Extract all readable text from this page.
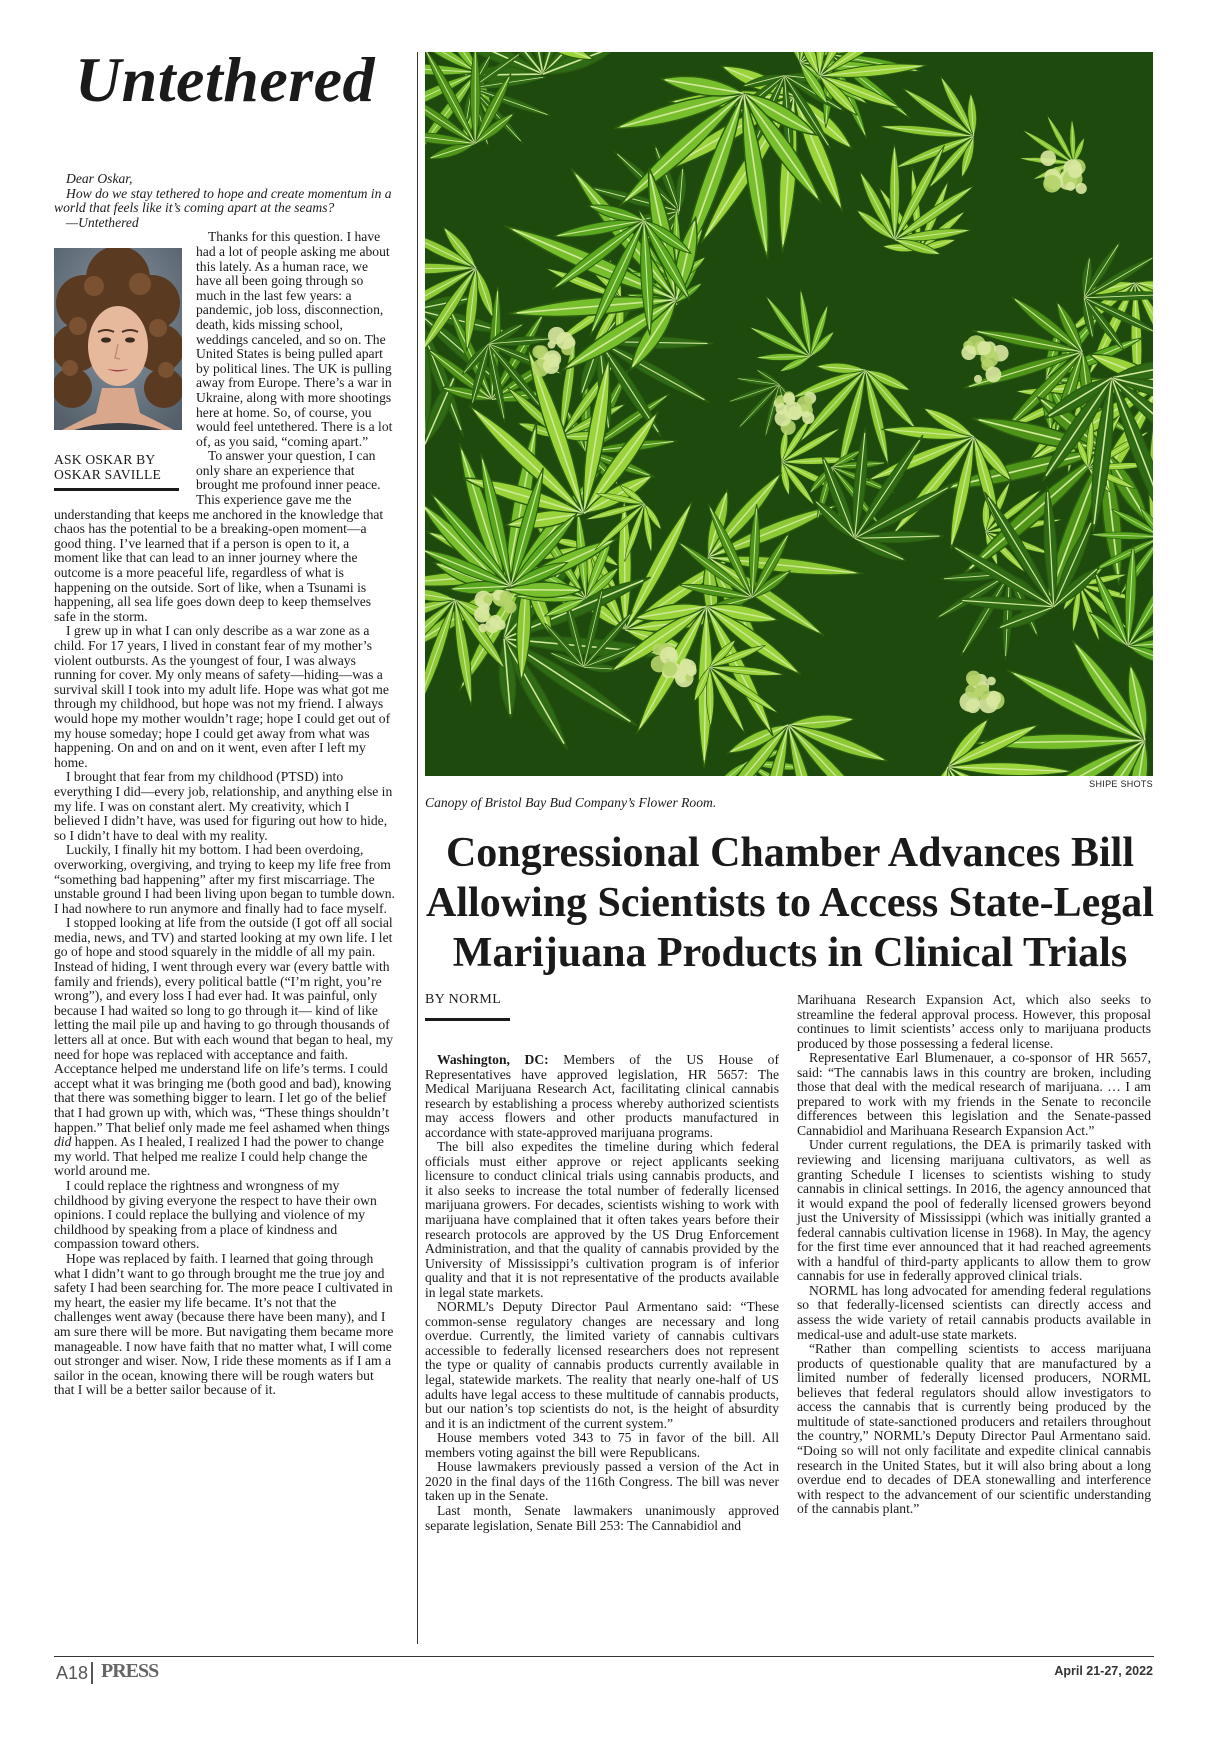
Untethered

Dear Oskar,

How do we stay tethered to hope and create momentum in a world that feels like it’s coming apart at the seams?

—Untethered

ASK OSKAR BY
OSKAR SAVILLE

Thanks for this question. I have had a lot of people asking me about this lately. As a human race, we have all been going through so much in the last few years: a pandemic, job loss, disconnection, death, kids missing school, weddings canceled, and so on. The United States is being pulled apart by political lines. The UK is pulling away from Europe. There’s a war in Ukraine, along with more shootings here at home. So, of course, you would feel untethered. There is a lot of, as you said, “coming apart.”

To answer your question, I can only share an experience that brought me profound inner peace. This experience gave me the understanding that keeps me anchored in the knowledge that chaos has the potential to be a breaking-open moment—a good thing. I’ve learned that if a person is open to it, a moment like that can lead to an inner journey where the outcome is a more peaceful life, regardless of what is happening on the outside. Sort of like, when a Tsunami is happening, all sea life goes down deep to keep themselves safe in the storm.

I grew up in what I can only describe as a war zone as a child. For 17 years, I lived in constant fear of my mother’s violent outbursts. As the youngest of four, I was always running for cover. My only means of safety—hiding—was a survival skill I took into my adult life. Hope was what got me through my childhood, but hope was not my friend. I always would hope my mother wouldn’t rage; hope I could get out of my house someday; hope I could get away from what was happening. On and on and on it went, even after I left my home.

I brought that fear from my childhood (PTSD) into everything I did—every job, relationship, and anything else in my life. I was on constant alert. My creativity, which I believed I didn’t have, was used for figuring out how to hide, so I didn’t have to deal with my reality.

Luckily, I finally hit my bottom. I had been overdoing, overworking, overgiving, and trying to keep my life free from “something bad happening” after my first miscarriage. The unstable ground I had been living upon began to tumble down. I had nowhere to run anymore and finally had to face myself.

I stopped looking at life from the outside (I got off all social media, news, and TV) and started looking at my own life. I let go of hope and stood squarely in the middle of all my pain. Instead of hiding, I went through every war (every battle with family and friends), every political battle (“I’m right, you’re wrong”), and every loss I had ever had. It was painful, only because I had waited so long to go through it— kind of like letting the mail pile up and having to go through thousands of letters all at once. But with each wound that began to heal, my need for hope was replaced with acceptance and faith. Acceptance helped me understand life on life’s terms. I could accept what it was bringing me (both good and bad), knowing that there was something bigger to learn. I let go of the belief that I had grown up with, which was, “These things shouldn’t happen.” That belief only made me feel ashamed when things did happen. As I healed, I realized I had the power to change my world. That helped me realize I could help change the world around me.

I could replace the rightness and wrongness of my childhood by giving everyone the respect to have their own opinions. I could replace the bullying and violence of my childhood by speaking from a place of kindness and compassion toward others.

Hope was replaced by faith. I learned that going through what I didn’t want to go through brought me the true joy and safety I had been searching for. The more peace I cultivated in my heart, the easier my life became. It’s not that the challenges went away (because there have been many), and I am sure there will be more. But navigating them became more manageable. I now have faith that no matter what, I will come out stronger and wiser. Now, I ride these moments as if I am a sailor in the ocean, knowing there will be rough waters but that I will be a better sailor because of it.

SHIPE SHOTS
Canopy of Bristol Bay Bud Company’s Flower Room.
Congressional Chamber Advances Bill Allowing Scientists to Access State-Legal Marijuana Products in Clinical Trials
BY NORML

Washington, DC: Members of the US House of Representatives have approved legislation, HR 5657: The Medical Marijuana Research Act, facilitating clinical cannabis research by establishing a process whereby authorized scientists may access flowers and other products manufactured in accordance with state-approved marijuana programs.

The bill also expedites the timeline during which federal officials must either approve or reject applicants seeking licensure to conduct clinical trials using cannabis products, and it also seeks to increase the total number of federally licensed marijuana growers. For decades, scientists wishing to work with marijuana have complained that it often takes years before their research protocols are approved by the US Drug Enforcement Administration, and that the quality of cannabis provided by the University of Mississippi’s cultivation program is of inferior quality and that it is not representative of the products available in legal state markets.

NORML’s Deputy Director Paul Armentano said: “These common-sense regulatory changes are necessary and long overdue. Currently, the limited variety of cannabis cultivars accessible to federally licensed researchers does not represent the type or quality of cannabis products currently available in legal, statewide markets. The reality that nearly one-half of US adults have legal access to these multitude of cannabis products, but our nation’s top scientists do not, is the height of absurdity and it is an indictment of the current system.”

House members voted 343 to 75 in favor of the bill. All members voting against the bill were Republicans.

House lawmakers previously passed a version of the Act in 2020 in the final days of the 116th Congress. The bill was never taken up in the Senate.

Last month, Senate lawmakers unanimously approved separate legislation, Senate Bill 253: The Cannabidiol and

Marihuana Research Expansion Act, which also seeks to streamline the federal approval process. However, this proposal continues to limit scientists’ access only to marijuana products produced by those possessing a federal license.

Representative Earl Blumenauer, a co-sponsor of HR 5657, said: “The cannabis laws in this country are broken, including those that deal with the medical research of marijuana. … I am prepared to work with my friends in the Senate to reconcile differences between this legislation and the Senate-passed Cannabidiol and Marihuana Research Expansion Act.”

Under current regulations, the DEA is primarily tasked with reviewing and licensing marijuana cultivators, as well as granting Schedule I licenses to scientists wishing to study cannabis in clinical settings. In 2016, the agency announced that it would expand the pool of federally licensed growers beyond just the University of Mississippi (which was initially granted a federal cannabis cultivation license in 1968). In May, the agency for the first time ever announced that it had reached agreements with a handful of third-party applicants to allow them to grow cannabis for use in federally approved clinical trials.

NORML has long advocated for amending federal regulations so that federally-licensed scientists can directly access and assess the wide variety of retail cannabis products available in medical-use and adult-use state markets.

“Rather than compelling scientists to access marijuana products of questionable quality that are manufactured by a limited number of federally licensed producers, NORML believes that federal regulators should allow investigators to access the cannabis that is currently being produced by the multitude of state-sanctioned producers and retailers throughout the country,” NORML’s Deputy Director Paul Armentano said. “Doing so will not only facilitate and expedite clinical cannabis research in the United States, but it will also bring about a long overdue end to decades of DEA stonewalling and interference with respect to the advancement of our scientific understanding of the cannabis plant.”

A18 PRESS	April 21-27, 2022
